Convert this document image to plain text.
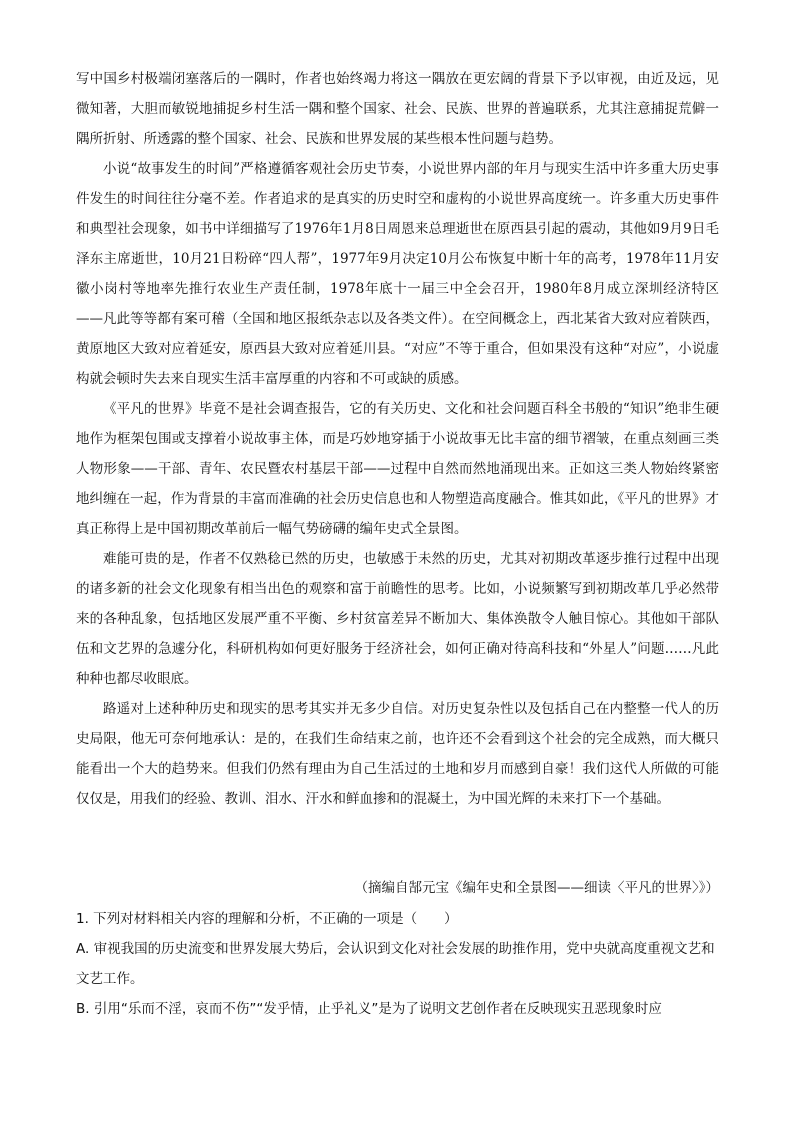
写中国乡村极端闭塞落后的一隅时，作者也始终竭力将这一隅放在更宏阔的背景下予以审视，由近及远，见微知著，大胆而敏锐地捕捉乡村生活一隅和整个国家、社会、民族、世界的普遍联系，尤其注意捕捉荒僻一隅所折射、所透露的整个国家、社会、民族和世界发展的某些根本性问题与趋势。

小说“故事发生的时间”严格遵循客观社会历史节奏，小说世界内部的年月与现实生活中许多重大历史事件发生的时间往往分毫不差。作者追求的是真实的历史时空和虚构的小说世界高度统一。许多重大历史事件和典型社会现象，如书中详细描写了1976年1月8日周恩来总理逝世在原西县引起的震动，其他如9月9日毛泽东主席逝世，10月21日粉碎“四人帮”，1977年9月决定10月公布恢复中断十年的高考，1978年11月安徽小岗村等地率先推行农业生产责任制，1978年底十一届三中全会召开，1980年8月成立深圳经济特区——凡此等等都有案可稽（全国和地区报纸杂志以及各类文件）。在空间概念上，西北某省大致对应着陕西，黄原地区大致对应着延安，原西县大致对应着延川县。“对应”不等于重合，但如果没有这种“对应”，小说虚构就会顿时失去来自现实生活丰富厚重的内容和不可或缺的质感。

《平凡的世界》毕竟不是社会调查报告，它的有关历史、文化和社会问题百科全书般的“知识”绝非生硬地作为框架包围或支撑着小说故事主体，而是巧妙地穿插于小说故事无比丰富的细节褶皱，在重点刻画三类人物形象——干部、青年、农民暨农村基层干部——过程中自然而然地涌现出来。正如这三类人物始终紧密地纠缠在一起，作为背景的丰富而准确的社会历史信息也和人物塑造高度融合。惟其如此，《平凡的世界》才真正称得上是中国初期改革前后一幅气势磅礴的编年史式全景图。

难能可贵的是，作者不仅熟稔已然的历史，也敏感于未然的历史，尤其对初期改革逐步推行过程中出现的诸多新的社会文化现象有相当出色的观察和富于前瞻性的思考。比如，小说频繁写到初期改革几乎必然带来的各种乱象，包括地区发展严重不平衡、乡村贫富差异不断加大、集体涣散令人触目惊心。其他如干部队伍和文艺界的急遽分化，科研机构如何更好服务于经济社会，如何正确对待高科技和“外星人”问题……凡此种种也都尽收眼底。

路遥对上述种种历史和现实的思考其实并无多少自信。对历史复杂性以及包括自己在内整整一代人的历史局限，他无可奈何地承认：是的，在我们生命结束之前，也许还不会看到这个社会的完全成熟，而大概只能看出一个大的趋势来。但我们仍然有理由为自己生活过的土地和岁月而感到自豪！我们这代人所做的可能仅仅是，用我们的经验、教训、泪水、汗水和鲜血掺和的混凝土，为中国光辉的未来打下一个基础。

（摘编自郜元宝《编年史和全景图——细读〈平凡的世界〉》）

1. 下列对材料相关内容的理解和分析，不正确的一项是（　　）

A. 审视我国的历史流变和世界发展大势后，会认识到文化对社会发展的助推作用，党中央就高度重视文艺和文艺工作。

B. 引用“乐而不淫，哀而不伤”“发乎情，止乎礼义”是为了说明文艺创作者在反映现实丑恶现象时应
